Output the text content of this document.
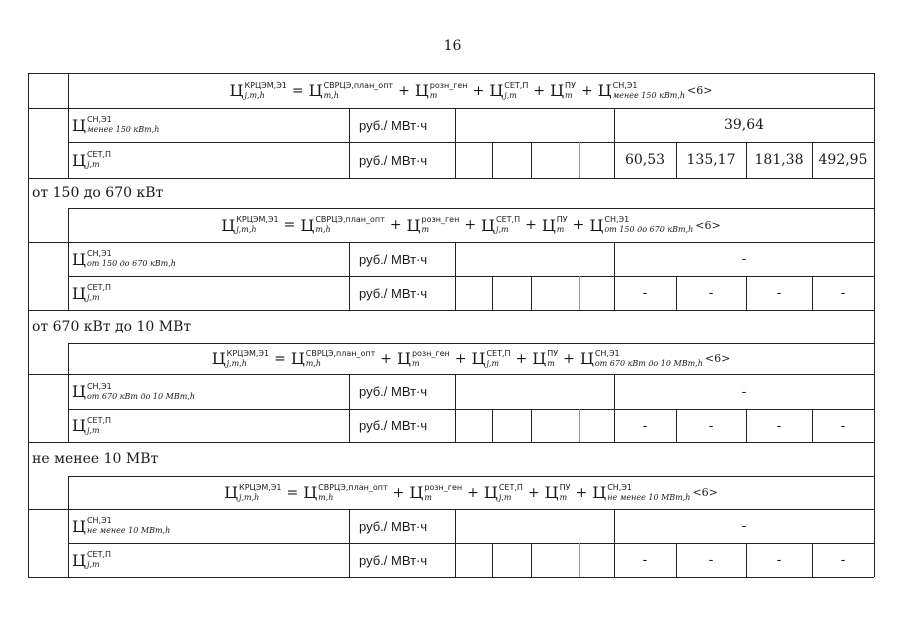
16
Ц КРЦЭМ,Э1
j,m,h	= Ц СВРЦЭ,план_опт
m,h	+ Ц розн_ген
m	+ Ц СЕТ,П
j,m	+ Ц ПУ
m + Ц СН,Э1
менее 150 кВт,h <6>
Ц СН,Э1
менее 150 кВт,h	руб./ МВт·ч	39,64
Ц СЕТ,П
j,m	руб./ МВт·ч	60,53	135,17	181,38	492,95
от 150 до 670 кВт
Ц КРЦЭМ,Э1
j,m,h	= Ц СВРЦЭ,план_опт
m,h	+ Ц розн_ген
m	+ Ц СЕТ,П
j,m	+ Ц ПУ
m + Ц СН,Э1
от 150 до 670 кВт,h <6>
Ц СН,Э1
от 150 до 670 кВт,h	руб./ МВт·ч	-
Ц СЕТ,П
j,m	руб./ МВт·ч	-	-	-	-
от 670 кВт до 10 МВт
Ц КРЦЭМ,Э1
j,m,h	= Ц СВРЦЭ,план_опт
m,h	+ Ц розн_ген
m	+ Ц СЕТ,П
j,m	+ Ц ПУ
m + Ц СН,Э1
от 670 кВт до 10 МВт,h <6>
Ц СН,Э1
от 670 кВт до 10 МВт,h	руб./ МВт·ч	-
Ц СЕТ,П
j,m	руб./ МВт·ч	-	-	-	-
не менее 10 МВт
Ц КРЦЭМ,Э1
j,m,h	= Ц СВРЦЭ,план_опт
m,h	+ Ц розн_ген
m	+ Ц СЕТ,П
j,m	+ Ц ПУ
m + Ц СН,Э1
не менее 10 МВт,h <6>
Ц СН,Э1
не менее 10 МВт,h	руб./ МВт·ч	-
Ц СЕТ,П
j,m	руб./ МВт·ч	-	-	-	-
